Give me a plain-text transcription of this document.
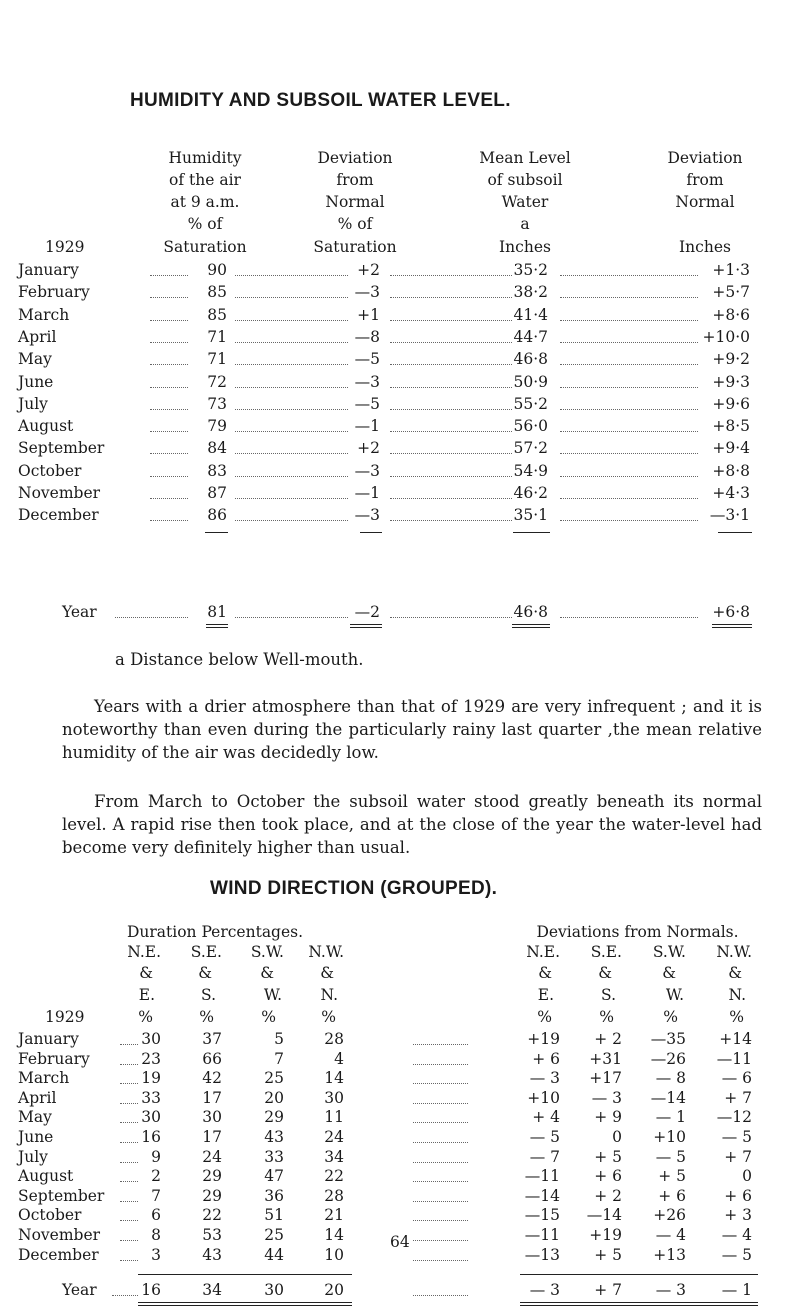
HUMIDITY AND SUBSOIL WATER LEVEL.
Humidity
of the air
at 9 a.m.
% of
Saturation
Deviation
from
Normal
% of
Saturation
Mean Level
of subsoil
Water
a
Inches
Deviation
from
Normal
Inches
1929
January	90	+2	35·2	+1·3
February	85	—3	38·2	+5·7
March	85	+1	41·4	+8·6
April	71	—8	44·7	+10·0
May	71	—5	46·8	+9·2
June	72	—3	50·9	+9·3
July	73	—5	55·2	+9·6
August	79	—1	56·0	+8·5
September	84	+2	57·2	+9·4
October	83	—3	54·9	+8·8
November	87	—1	46·2	+4·3
December	86	—3	35·1	—3·1
Year	81	—2	46·8	+6·8
a Distance below Well-mouth.
Years with a drier atmosphere than that of 1929 are very infrequent ; and it is noteworthy than even during the particularly rainy last quarter ,the mean relative humidity of the air was decidedly low.
From March to October the subsoil water stood greatly beneath its normal level. A rapid rise then took place, and at the close of the year the water-level had become very definitely higher than usual.
WIND DIRECTION (GROUPED).
Duration Percentages.	Deviations from Normals.
N.E.
&
E.
%
S.E.
&
S.
%
S.W.
&
W.
%
N.W.
&
N.
%
N.E.
&
E.
%
S.E.
&
S.
%
S.W.
&
W.
%
N.W.
&
N.
%
1929
January	30	37	5	28	+19	+ 2	—35	+14
February	23	66	7	4	+ 6	+31	—26	—11
March	19	42	25	14	— 3	+17	— 8	— 6
April	33	17	20	30	+10	— 3	—14	+ 7
May	30	30	29	11	+ 4	+ 9	— 1	—12
June	16	17	43	24	— 5	0	+10	— 5
July	9	24	33	34	— 7	+ 5	— 5	+ 7
August	2	29	47	22	—11	+ 6	+ 5	0
September	7	29	36	28	—14	+ 2	+ 6	+ 6
October	6	22	51	21	—15	—14	+26	+ 3
November	8	53	25	14	—11	+19	— 4	— 4
December	3	43	44	10	—13	+ 5	+13	— 5
Year	16	34	30	20	— 3	+ 7	— 3	— 1
64
